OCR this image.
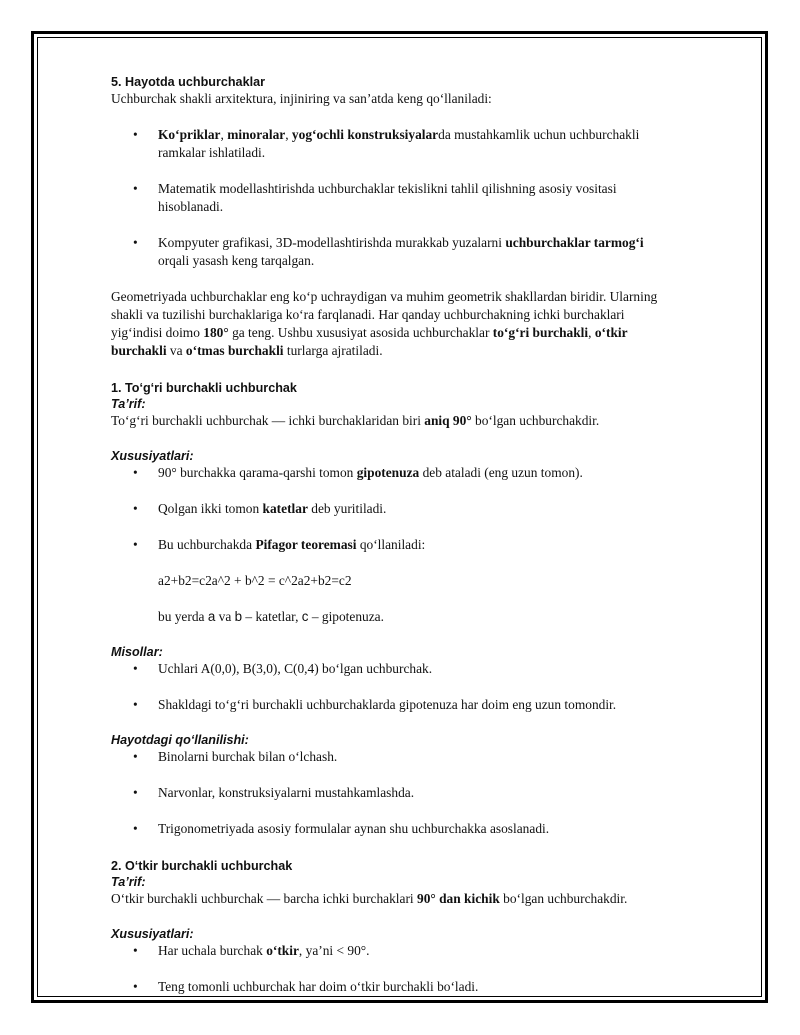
5. Hayotda uchburchaklar

Uchburchak shakli arxitektura, injiniring va san’atda keng qo‘llaniladi:

• Ko‘priklar, minoralar, yog‘ochli konstruksiyalarda mustahkamlik uchun uchburchakli ramkalar ishlatiladi.
• Matematik modellashtirishda uchburchaklar tekislikni tahlil qilishning asosiy vositasi hisoblanadi.
• Kompyuter grafikasi, 3D-modellashtirishda murakkab yuzalarni uchburchaklar tarmog‘i orqali yasash keng tarqalgan.

Geometriyada uchburchaklar eng ko‘p uchraydigan va muhim geometrik shakllardan biridir. Ularning shakli va tuzilishi burchaklariga ko‘ra farqlanadi. Har qanday uchburchakning ichki burchaklari yig‘indisi doimo 180° ga teng. Ushbu xususiyat asosida uchburchaklar to‘g‘ri burchakli, o‘tkir burchakli va o‘tmas burchakli turlarga ajratiladi.

1. To‘g‘ri burchakli uchburchak

Ta’rif:

To‘g‘ri burchakli uchburchak — ichki burchaklaridan biri aniq 90° bo‘lgan uchburchakdir.

Xususiyatlari:

• 90° burchakka qarama-qarshi tomon gipotenuza deb ataladi (eng uzun tomon).
• Qolgan ikki tomon katetlar deb yuritiladi.
• Bu uchburchakda Pifagor teoremasi qo‘llaniladi:

a2+b2=c2a^2 + b^2 = c^2a2+b2=c2

bu yerda a va b – katetlar, c – gipotenuza.

Misollar:

• Uchlari A(0,0), B(3,0), C(0,4) bo‘lgan uchburchak.
• Shakldagi to‘g‘ri burchakli uchburchaklarda gipotenuza har doim eng uzun tomondir.

Hayotdagi qo‘llanilishi:

• Binolarni burchak bilan o‘lchash.
• Narvonlar, konstruksiyalarni mustahkamlashda.
• Trigonometriyada asosiy formulalar aynan shu uchburchakka asoslanadi.

2. O‘tkir burchakli uchburchak

Ta’rif:

O‘tkir burchakli uchburchak — barcha ichki burchaklari 90° dan kichik bo‘lgan uchburchakdir.

Xususiyatlari:

• Har uchala burchak o‘tkir, ya’ni < 90°.
• Teng tomonli uchburchak har doim o‘tkir burchakli bo‘ladi.
